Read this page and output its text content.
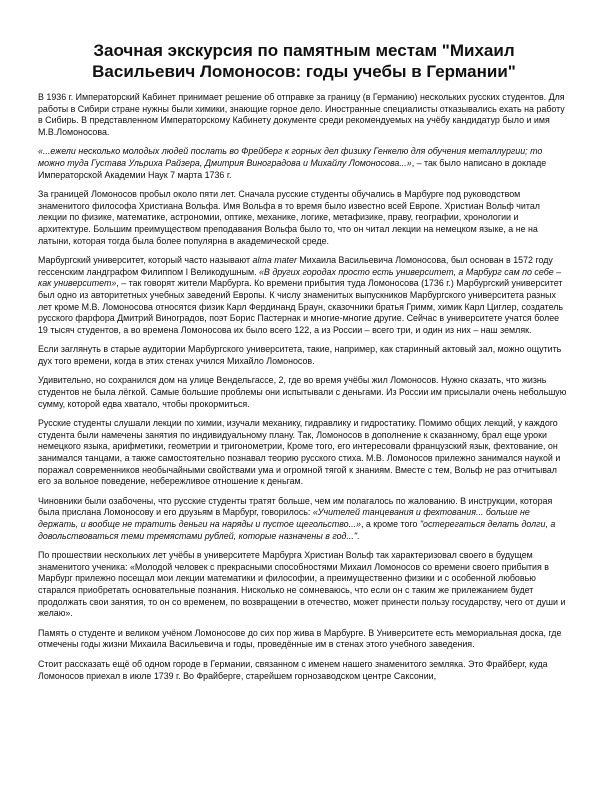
Заочная экскурсия по памятным местам "Михаил Васильевич Ломоносов: годы учебы в Германии"

В 1936 г. Императорский Кабинет принимает решение об отправке за границу (в Германию) нескольких русских студентов. Для работы в Сибири стране нужны были химики, знающие горное дело. Иностранные специалисты отказывались ехать на работу в Сибирь. В представленном Императорскому Кабинету документе среди рекомендуемых на учёбу кандидатур было и имя М.В.Ломоносова.

«...ежели несколько молодых людей послать во Фрейберг к горных дел физику Генкелю для обучения металлургии; то можно туда Густава Ульриха Райзера, Дмитрия Виноградова и Михайлу Ломоносова...», – так было написано в докладе Императорской Академии Наук 7 марта 1736 г.

За границей Ломоносов пробыл около пяти лет. Сначала русские студенты обучались в Марбурге под руководством знаменитого философа Христиана Вольфа. Имя Вольфа в то время было известно всей Европе. Христиан Вольф читал лекции по физике, математике, астрономии, оптике, механике, логике, метафизике, праву, географии, хронологии и архитектуре. Большим преимуществом преподавания Вольфа было то, что он читал лекции на немецком языке, а не на латыни, которая тогда была более популярна в академической среде.

Марбургский университет, который часто называют alma mater Михаила Васильевича Ломоносова, был основан в 1572 году гессенским ландграфом Филиппом I Великодушным. «В других городах просто есть университет, а Марбург сам по себе – как университет», – так говорят жители Марбурга. Ко времени прибытия туда Ломоносова (1736 г.) Марбургский университет был одно из авторитетных учебных заведений Европы. К числу знаменитых выпускников Марбургского университета разных лет кроме М.В. Ломоносова относятся физик Карл Фердинанд Браун, сказочники братья Гримм, химик Карл Циглер, создатель русского фарфора Дмитрий Виноградов, поэт Борис Пастернак и многие-многие другие. Сейчас в университете учатся более 19 тысяч студентов, а во времена Ломоносова их было всего 122, а из России – всего три, и один из них – наш земляк.

Если заглянуть в старые аудитории Марбургского университета, такие, например, как старинный актовый зал, можно ощутить дух того времени, когда в этих стенах учился Михайло Ломоносов.

Удивительно, но сохранился дом на улице Вендельгассе, 2, где во время учёбы жил Ломоносов. Нужно сказать, что жизнь студентов не была лёгкой. Самые большие проблемы они испытывали с деньгами. Из России им присылали очень небольшую сумму, которой едва хватало, чтобы прокормиться.

Русские студенты слушали лекции по химии, изучали механику, гидравлику и гидростатику. Помимо общих лекций, у каждого студента были намечены занятия по индивидуальному плану. Так, Ломоносов в дополнение к сказанному, брал еще уроки немецкого языка, арифметики, геометрии и тригонометрии, Кроме того, его интересовали французский язык, фехтование, он занимался танцами, а также самостоятельно познавал теорию русского стиха. М.В. Ломоносов прилежно занимался наукой и поражал современников необычайными свойствами ума и огромной тягой к знаниям. Вместе с тем, Вольф не раз отчитывал его за вольное поведение, небережливое отношение к деньгам.

Чиновники были озабочены, что русские студенты тратят больше, чем им полагалось по жалованию. В инструкции, которая была прислана Ломоносову и его друзьям в Марбург, говорилось: «Учителей танцевания и фехтования... больше не держать, и вообще не тратить деньги на наряды и пустое щегольство...», а кроме того "остерегаться делать долги, а довольствоваться теми тремястами рублей, которые назначены в год...".

По прошествии нескольких лет учёбы в университете Марбурга Христиан Вольф так характеризовал своего в будущем знаменитого ученика: «Молодой человек с прекрасными способностями Михаил Ломоносов со времени своего прибытия в Марбург прилежно посещал мои лекции математики и философии, а преимущественно физики и с особенной любовью старался приобретать основательные познания. Нисколько не сомневаюсь, что если он с таким же прилежанием будет продолжать свои занятия, то он со временем, по возвращении в отечество, может принести пользу государству, чего от души и желаю».

Память о студенте и великом учёном Ломоносове до сих пор жива в Марбурге. В Университете есть мемориальная доска, где отмечены годы жизни Михаила Васильевича и годы, проведённые им в стенах этого учебного заведения.

Стоит рассказать ещё об одном городе в Германии, связанном с именем нашего знаменитого земляка. Это Фрайберг, куда Ломоносов приехал в июле 1739 г. Во Фрайберге, старейшем горнозаводском центре Саксонии,
